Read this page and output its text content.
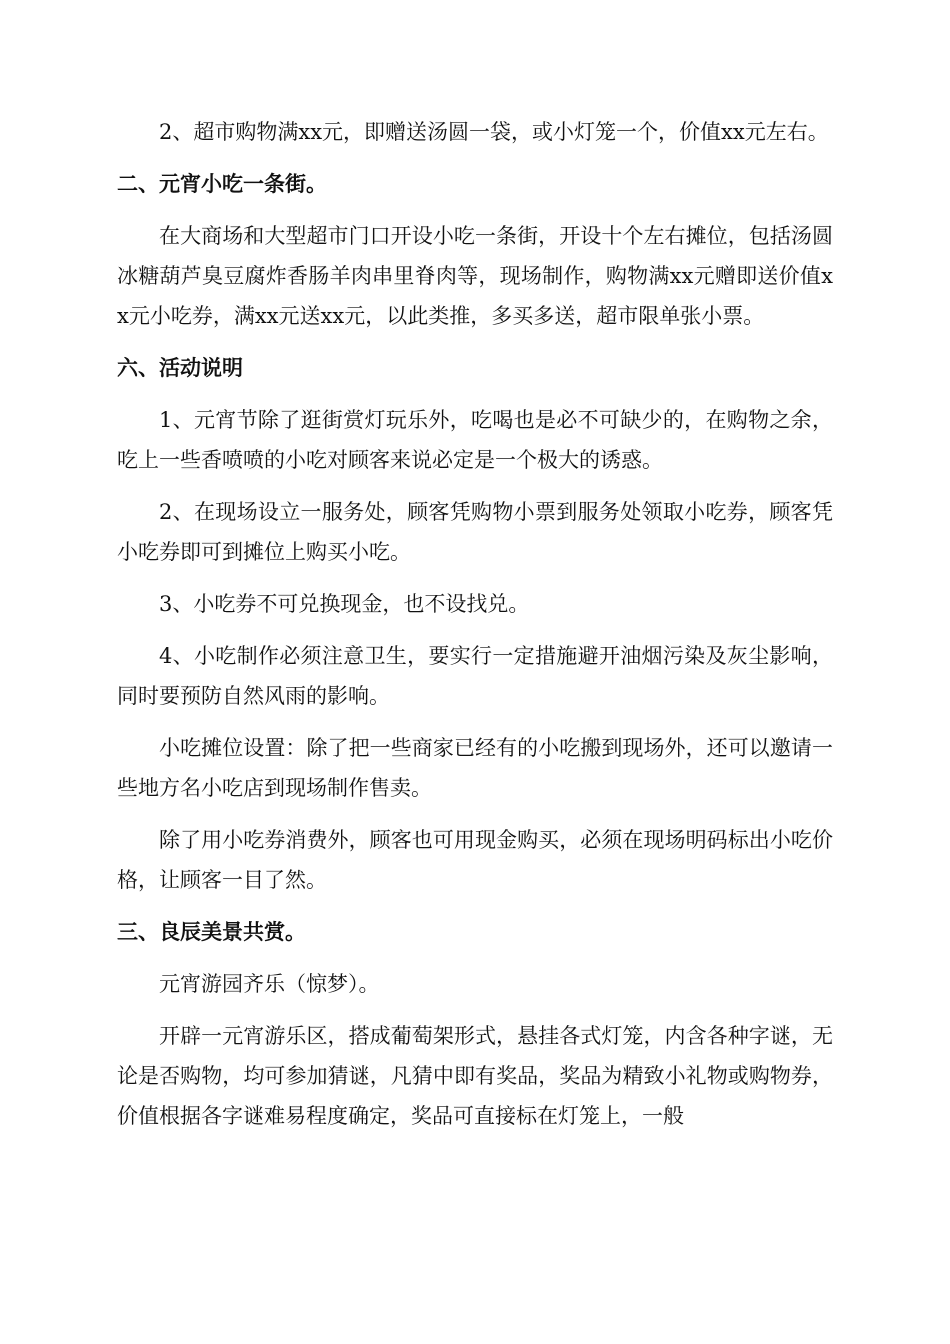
2、超市购物满xx元，即赠送汤圆一袋，或小灯笼一个，价值xx元左右。

二、元宵小吃一条街。

在大商场和大型超市门口开设小吃一条街，开设十个左右摊位，包括汤圆冰糖葫芦臭豆腐炸香肠羊肉串里脊肉等，现场制作，购物满xx元赠即送价值xx元小吃券，满xx元送xx元，以此类推，多买多送，超市限单张小票。

六、活动说明

1、元宵节除了逛街赏灯玩乐外，吃喝也是必不可缺少的，在购物之余，吃上一些香喷喷的小吃对顾客来说必定是一个极大的诱惑。

2、在现场设立一服务处，顾客凭购物小票到服务处领取小吃券，顾客凭小吃券即可到摊位上购买小吃。

3、小吃券不可兑换现金，也不设找兑。

4、小吃制作必须注意卫生，要实行一定措施避开油烟污染及灰尘影响，同时要预防自然风雨的影响。

小吃摊位设置：除了把一些商家已经有的小吃搬到现场外，还可以邀请一些地方名小吃店到现场制作售卖。

除了用小吃券消费外，顾客也可用现金购买，必须在现场明码标出小吃价格，让顾客一目了然。

三、良辰美景共赏。

元宵游园齐乐（惊梦）。

开辟一元宵游乐区，搭成葡萄架形式，悬挂各式灯笼，内含各种字谜，无论是否购物，均可参加猜谜，凡猜中即有奖品，奖品为精致小礼物或购物券，价值根据各字谜难易程度确定，奖品可直接标在灯笼上，一般
